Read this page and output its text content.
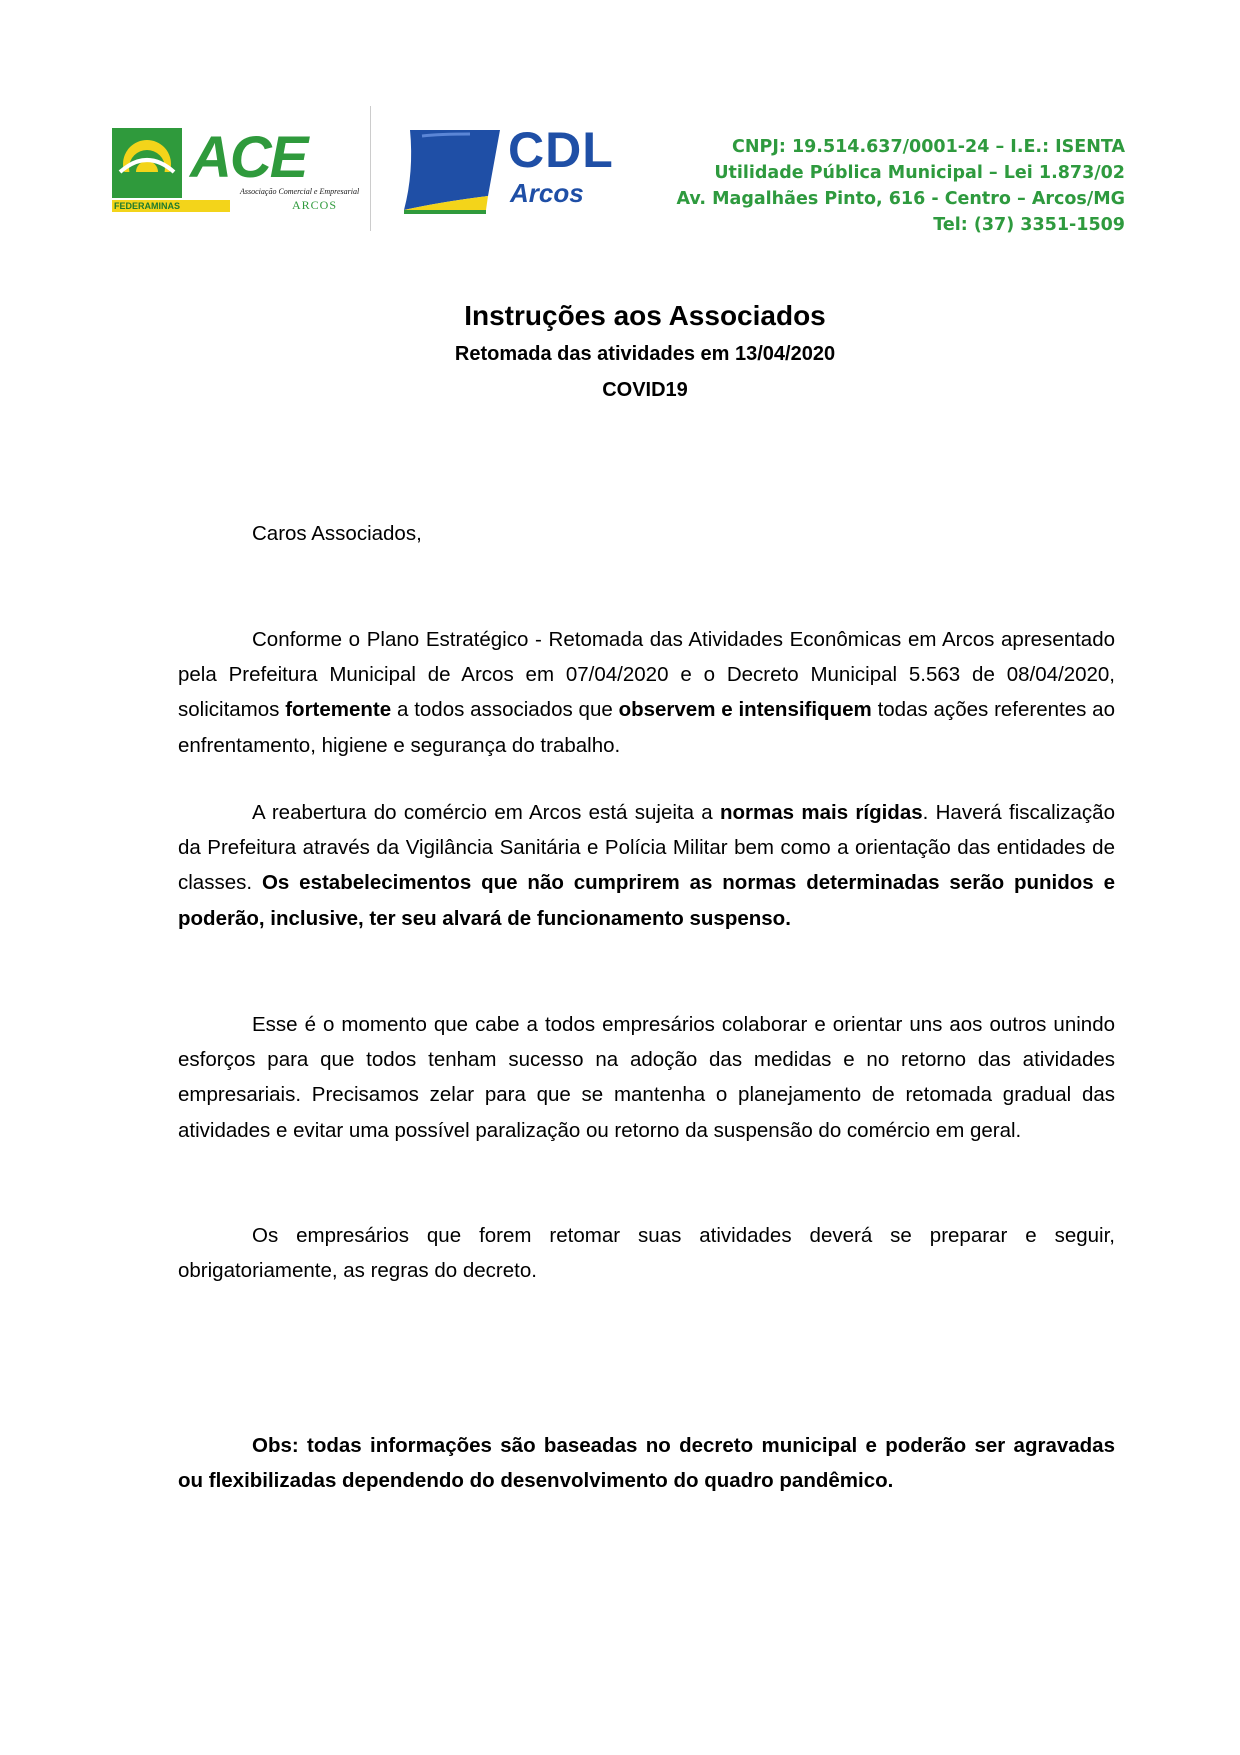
ACE
Associação Comercial e Empresarial
ARCOS
FEDERAMINAS
CDL
Arcos
CNPJ: 19.514.637/0001-24 – I.E.: ISENTA
Utilidade Pública Municipal – Lei 1.873/02
Av. Magalhães Pinto, 616 - Centro – Arcos/MG
Tel: (37) 3351-1509
Instruções aos Associados
Retomada das atividades em 13/04/2020
COVID19
Caros Associados,

Conforme o Plano Estratégico - Retomada das Atividades Econômicas em Arcos apresentado pela Prefeitura Municipal de Arcos em 07/04/2020 e o Decreto Municipal 5.563 de 08/04/2020, solicitamos fortemente a todos associados que observem e intensifiquem todas ações referentes ao enfrentamento, higiene e segurança do trabalho.

A reabertura do comércio em Arcos está sujeita a normas mais rígidas. Haverá fiscalização da Prefeitura através da Vigilância Sanitária e Polícia Militar bem como a orientação das entidades de classes. Os estabelecimentos que não cumprirem as normas determinadas serão punidos e poderão, inclusive, ter seu alvará de funcionamento suspenso.

Esse é o momento que cabe a todos empresários colaborar e orientar uns aos outros unindo esforços para que todos tenham sucesso na adoção das medidas e no retorno das atividades empresariais. Precisamos zelar para que se mantenha o planejamento de retomada gradual das atividades e evitar uma possível paralização ou retorno da suspensão do comércio em geral.

Os empresários que forem retomar suas atividades deverá se preparar e seguir, obrigatoriamente, as regras do decreto.

Obs: todas informações são baseadas no decreto municipal e poderão ser agravadas ou flexibilizadas dependendo do desenvolvimento do quadro pandêmico.
